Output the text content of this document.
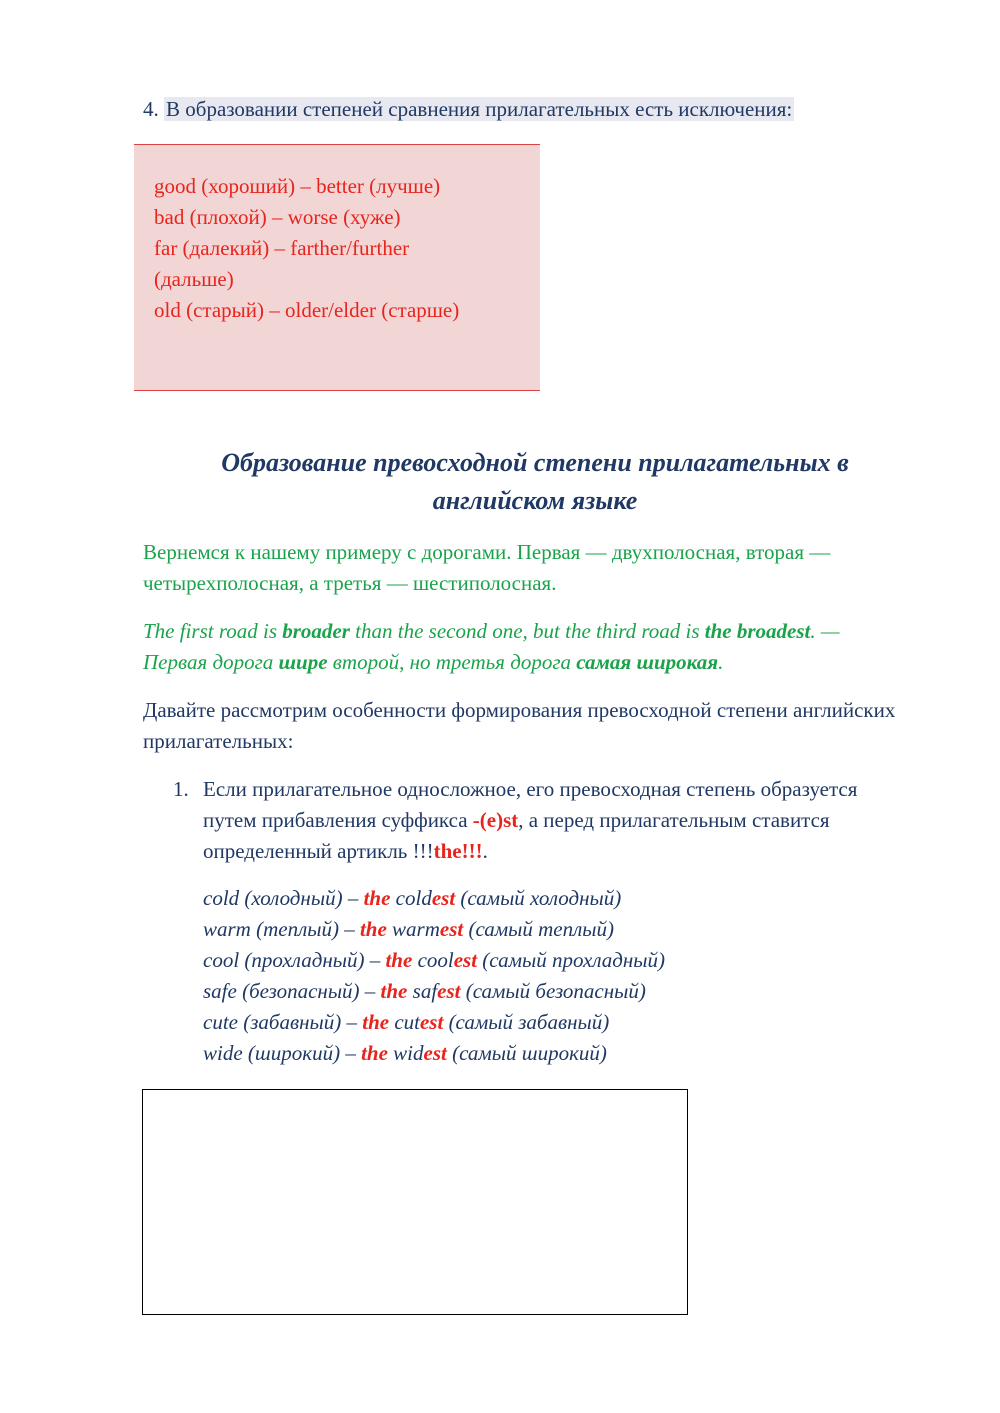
4. В образовании степеней сравнения прилагательных есть исключения:
good (хороший) – better (лучше)
bad (плохой) – worse (хуже)
far (далекий) – farther/further
(дальше)
old (старый) – older/elder (старше)
Образование превосходной степени прилагательных в
английском языке
Вернемся к нашему примеру с дорогами. Первая — двухполосная, вторая — четырехполосная, а третья — шестиполосная.
The first road is broader than the second one, but the third road is the broadest. —
Первая дорога шире второй, но третья дорога самая широкая.
Давайте рассмотрим особенности формирования превосходной степени английских прилагательных:
1. Если прилагательное односложное, его превосходная степень образуется путем прибавления суффикса -(e)st, а перед прилагательным ставится определенный артикль !!!the!!!.
cold (холодный) – the coldest (самый холодный)
warm (теплый) – the warmest (самый теплый)
cool (прохладный) – the coolest (самый прохладный)
safe (безопасный) – the safest (самый безопасный)
cute (забавный) – the cutest (самый забавный)
wide (широкий) – the widest (самый широкий)
